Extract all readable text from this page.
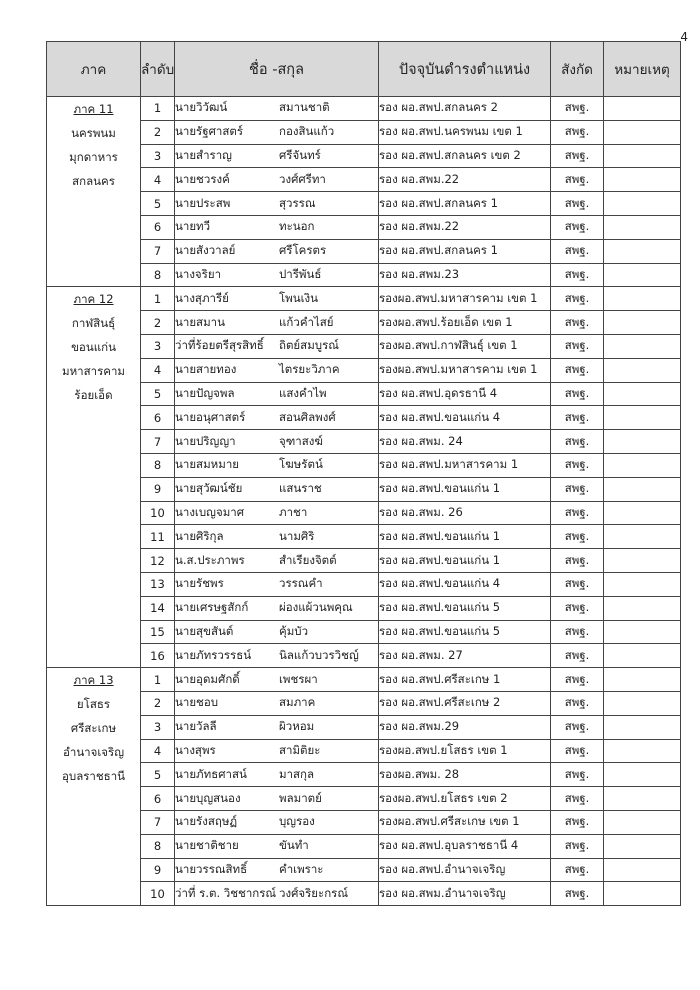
4
ภาค	ลำดับ	ชื่อ -สกุล	ปัจจุบันดำรงตำแหน่ง	สังกัด	หมายเหตุ

ภาค 11
นครพนม
มุกดาหาร
สกลนคร	1	นายวิวัฒน์ สมานชาติ	รอง ผอ.สพป.สกลนคร 2	สพฐ.	
	2	นายรัฐศาสตร์ กองสินแก้ว	รอง ผอ.สพป.นครพนม เขต 1	สพฐ.	
	3	นายสำราญ ศรีจันทร์	รอง ผอ.สพป.สกลนคร เขต 2	สพฐ.	
	4	นายชวรงค์ วงศ์ศรีทา	รอง ผอ.สพม.22	สพฐ.	
	5	นายประสพ สุวรรณ	รอง ผอ.สพป.สกลนคร 1	สพฐ.	
	6	นายทวี ทะนอก	รอง ผอ.สพม.22	สพฐ.	
	7	นายสังวาลย์ ศรีโครตร	รอง ผอ.สพป.สกลนคร 1	สพฐ.	
	8	นางจริยา ปารีพันธ์	รอง ผอ.สพม.23	สพฐ.	

ภาค 12
กาฬสินธุ์
ขอนแก่น
มหาสารคาม
ร้อยเอ็ด	1	นางสุภารีย์ โพนเงิน	รองผอ.สพป.มหาสารคาม เขต 1	สพฐ.	
	2	นายสมาน แก้วคำไสย์	รองผอ.สพป.ร้อยเอ็ด เขต 1	สพฐ.	
	3	ว่าที่ร้อยตรีสุรสิทธิ์ ถิตย์สมบูรณ์	รองผอ.สพป.กาฬสินธุ์ เขต 1	สพฐ.	
	4	นายสายทอง ไตรยะวิภาค	รองผอ.สพป.มหาสารคาม เขต 1	สพฐ.	
	5	นายปัญจพล แสงคำไพ	รอง ผอ.สพป.อุดรธานี 4	สพฐ.	
	6	นายอนุศาสตร์ สอนศิลพงศ์	รอง ผอ.สพป.ขอนแก่น 4	สพฐ.	
	7	นายปริญญา จุฑาสงฆ์	รอง ผอ.สพม. 24	สพฐ.	
	8	นายสมหมาย โฆษรัตน์	รอง ผอ.สพป.มหาสารคาม 1	สพฐ.	
	9	นายสุวัฒน์ชัย แสนราช	รอง ผอ.สพป.ขอนแก่น 1	สพฐ.	
	10	นางเบญจมาศ ภาชา	รอง ผอ.สพม. 26	สพฐ.	
	11	นายศิริกุล นามศิริ	รอง ผอ.สพป.ขอนแก่น 1	สพฐ.	
	12	น.ส.ประภาพร สำเรียงจิตต์	รอง ผอ.สพป.ขอนแก่น 1	สพฐ.	
	13	นายรัชพร วรรณคำ	รอง ผอ.สพป.ขอนแก่น 4	สพฐ.	
	14	นายเศรษฐสักก์ ผ่องแผ้วนพคุณ	รอง ผอ.สพป.ขอนแก่น 5	สพฐ.	
	15	นายสุขสันต์ คุ้มบัว	รอง ผอ.สพป.ขอนแก่น 5	สพฐ.	
	16	นายภัทรวรรธน์ นิลแก้วบวรวิชญ์	รอง ผอ.สพม. 27	สพฐ.	

ภาค 13
ยโสธร
ศรีสะเกษ
อำนาจเจริญ
อุบลราชธานี	1	นายอุดมศักดิ์ เพชรผา	รอง ผอ.สพป.ศรีสะเกษ 1	สพฐ.	
	2	นายชอบ สมภาค	รอง ผอ.สพป.ศรีสะเกษ 2	สพฐ.	
	3	นายวัลลี ผิวหอม	รอง ผอ.สพม.29	สพฐ.	
	4	นางสุพร สามิติยะ	รองผอ.สพป.ยโสธร เขต 1	สพฐ.	
	5	นายภัทธศาสน์ มาสกุล	รองผอ.สพม. 28	สพฐ.	
	6	นายบุญสนอง พลมาตย์	รองผอ.สพป.ยโสธร เขต 2	สพฐ.	
	7	นายรังสฤษฏ์ บุญรอง	รองผอ.สพป.ศรีสะเกษ เขต 1	สพฐ.	
	8	นายชาติชาย ขันทำ	รอง ผอ.สพป.อุบลราชธานี 4	สพฐ.	
	9	นายวรรณสิทธิ์ คำเพราะ	รอง ผอ.สพป.อำนาจเจริญ	สพฐ.	
	10	ว่าที่ ร.ต. วิชชากรณ์ วงศ์จริยะกรณ์	รอง ผอ.สพม.อำนาจเจริญ	สพฐ.	
